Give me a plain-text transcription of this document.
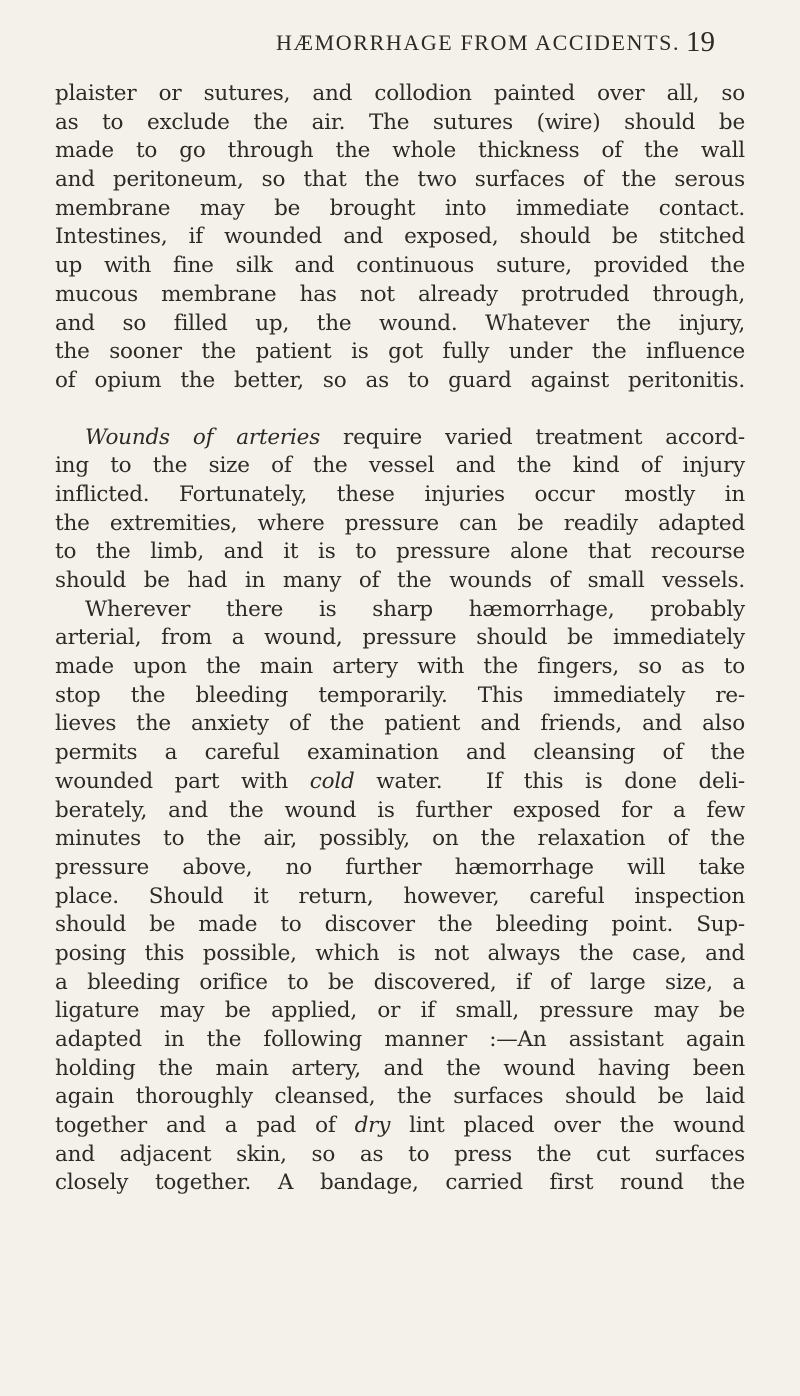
HÆMORRHAGE FROM ACCIDENTS. 19
plaister or sutures, and collodion painted over all, so
as to exclude the air. The sutures (wire) should be
made to go through the whole thickness of the wall
and peritoneum, so that the two surfaces of the serous
membrane may be brought into immediate contact.
Intestines, if wounded and exposed, should be stitched
up with fine silk and continuous suture, provided the
mucous membrane has not already protruded through,
and so filled up, the wound. Whatever the injury,
the sooner the patient is got fully under the influence
of opium the better, so as to guard against peritonitis.
Wounds of arteries require varied treatment accord-
ing to the size of the vessel and the kind of injury
inflicted. Fortunately, these injuries occur mostly in
the extremities, where pressure can be readily adapted
to the limb, and it is to pressure alone that recourse
should be had in many of the wounds of small vessels.
Wherever there is sharp hæmorrhage, probably
arterial, from a wound, pressure should be immediately
made upon the main artery with the fingers, so as to
stop the bleeding temporarily. This immediately re-
lieves the anxiety of the patient and friends, and also
permits a careful examination and cleansing of the
wounded part with cold water. If this is done deli-
berately, and the wound is further exposed for a few
minutes to the air, possibly, on the relaxation of the
pressure above, no further hæmorrhage will take
place. Should it return, however, careful inspection
should be made to discover the bleeding point. Sup-
posing this possible, which is not always the case, and
a bleeding orifice to be discovered, if of large size, a
ligature may be applied, or if small, pressure may be
adapted in the following manner :—An assistant again
holding the main artery, and the wound having been
again thoroughly cleansed, the surfaces should be laid
together and a pad of dry lint placed over the wound
and adjacent skin, so as to press the cut surfaces
closely together. A bandage, carried first round the
